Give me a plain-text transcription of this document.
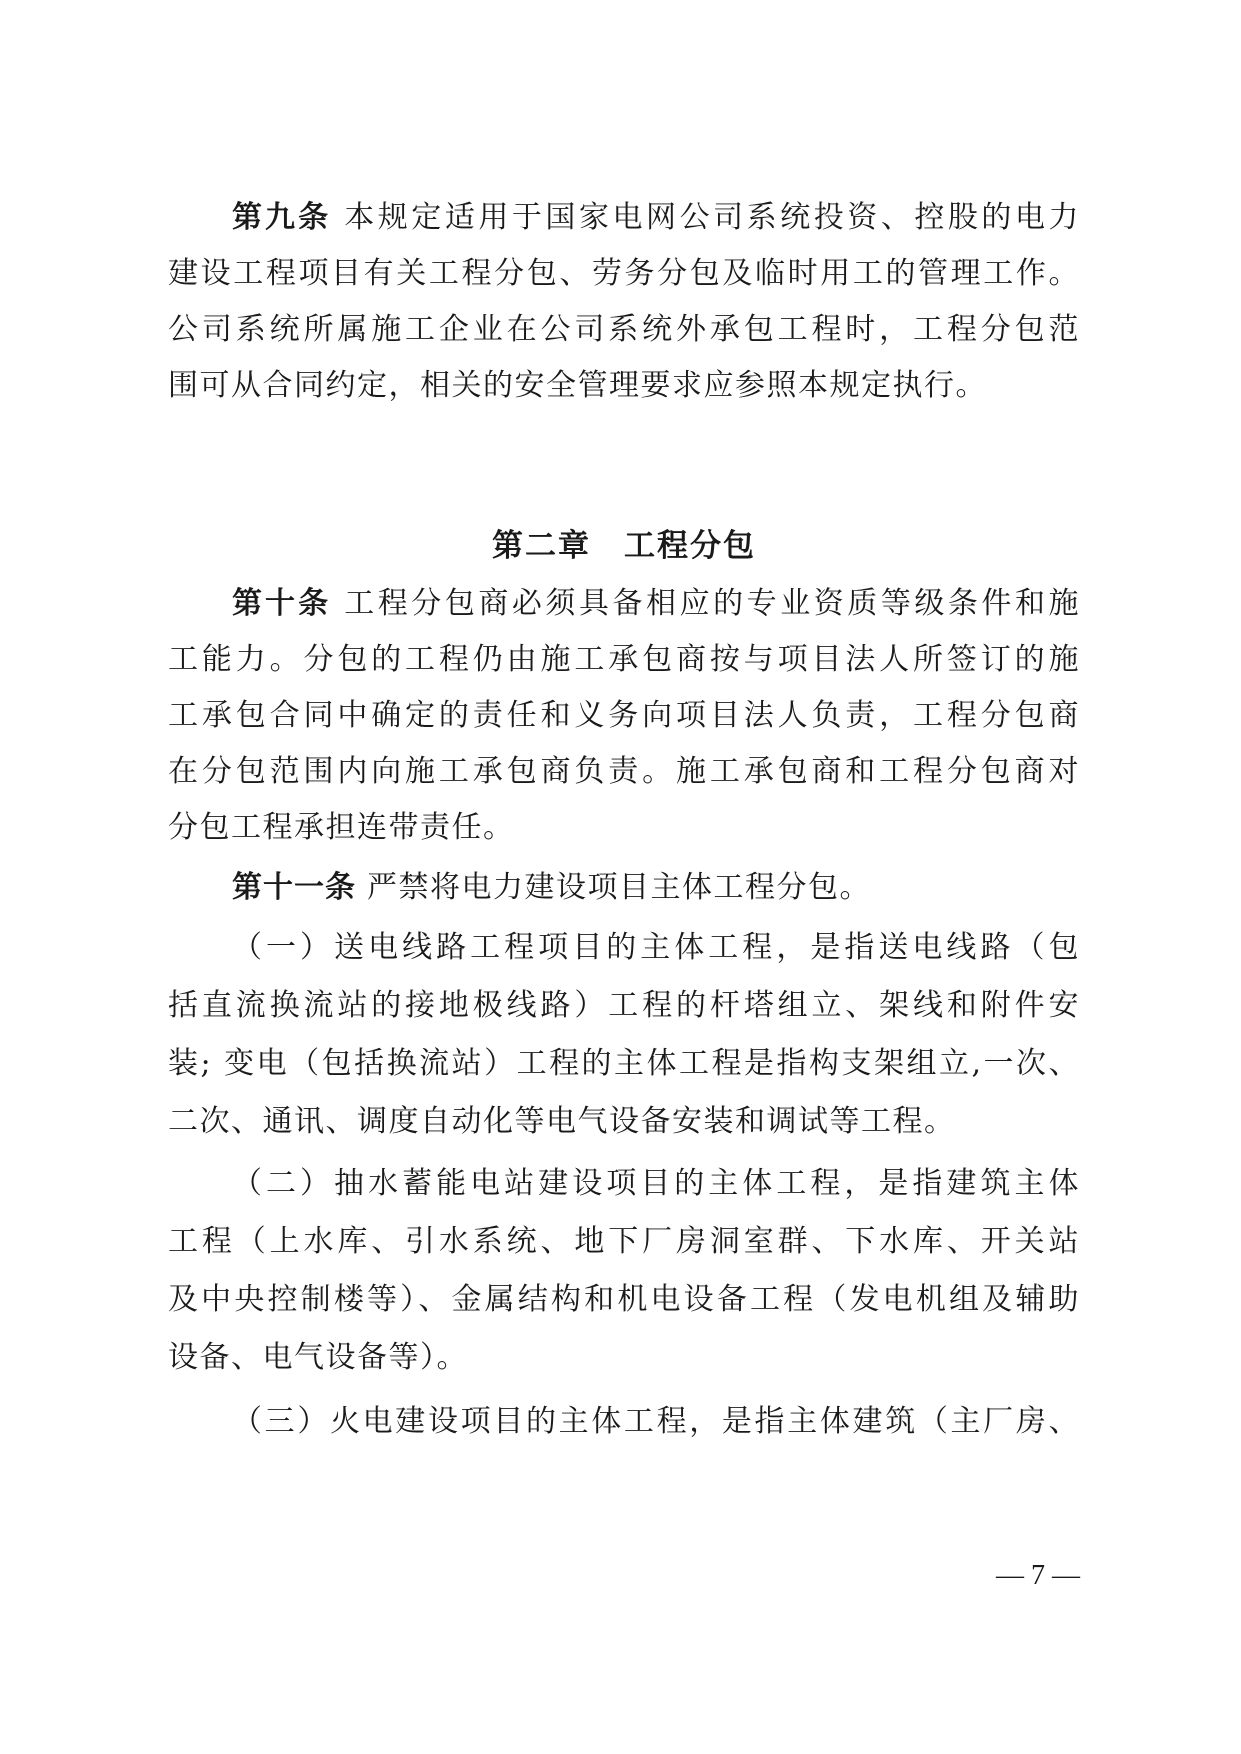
第九条 本规定适用于国家电网公司系统投资、控股的电力
建设工程项目有关工程分包、劳务分包及临时用工的管理工作。
公司系统所属施工企业在公司系统外承包工程时，工程分包范
围可从合同约定，相关的安全管理要求应参照本规定执行。
第二章　工程分包
第十条 工程分包商必须具备相应的专业资质等级条件和施
工能力。分包的工程仍由施工承包商按与项目法人所签订的施
工承包合同中确定的责任和义务向项目法人负责，工程分包商
在分包范围内向施工承包商负责。施工承包商和工程分包商对
分包工程承担连带责任。
第十一条 严禁将电力建设项目主体工程分包。
（一）送电线路工程项目的主体工程，是指送电线路（包
括直流换流站的接地极线路）工程的杆塔组立、架线和附件安
装; 变电（包括换流站）工程的主体工程是指构支架组立,一次、
二次、通讯、调度自动化等电气设备安装和调试等工程。
（二）抽水蓄能电站建设项目的主体工程，是指建筑主体
工程（上水库、引水系统、地下厂房洞室群、下水库、开关站
及中央控制楼等）、金属结构和机电设备工程（发电机组及辅助
设备、电气设备等）。
（三）火电建设项目的主体工程，是指主体建筑（主厂房、
— 7 —
